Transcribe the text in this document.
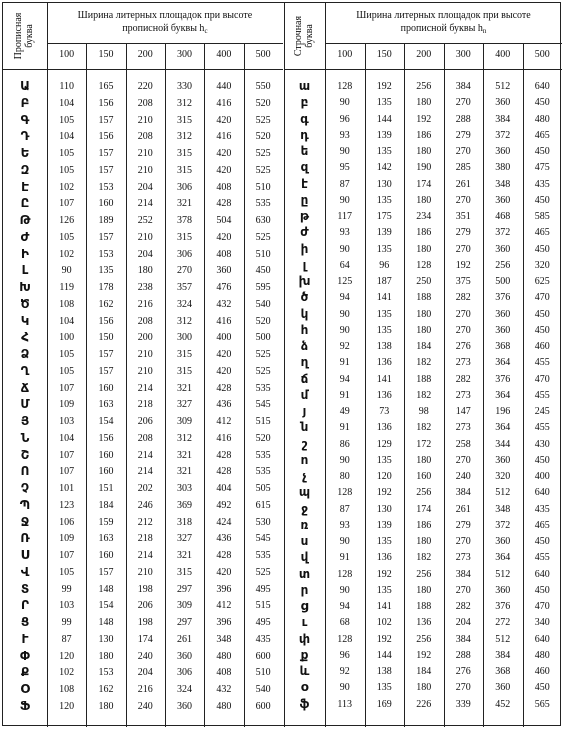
Прописная
буква
Ширина литерных площадок при высоте
прописной буквы $h_c$
100	150	200	300	400	500
Ա	110	165	220	330	440	550
Բ	104	156	208	312	416	520
Գ	105	157	210	315	420	525
Դ	104	156	208	312	416	520
Ե	105	157	210	315	420	525
Զ	105	157	210	315	420	525
Է	102	153	204	306	408	510
Ը	107	160	214	321	428	535
Թ	126	189	252	378	504	630
Ժ	105	157	210	315	420	525
Ի	102	153	204	306	408	510
Լ	90	135	180	270	360	450
Խ	119	178	238	357	476	595
Ծ	108	162	216	324	432	540
Կ	104	156	208	312	416	520
Հ	100	150	200	300	400	500
Ձ	105	157	210	315	420	525
Ղ	105	157	210	315	420	525
Ճ	107	160	214	321	428	535
Մ	109	163	218	327	436	545
Յ	103	154	206	309	412	515
Ն	104	156	208	312	416	520
Շ	107	160	214	321	428	535
Ո	107	160	214	321	428	535
Չ	101	151	202	303	404	505
Պ	123	184	246	369	492	615
Ջ	106	159	212	318	424	530
Ռ	109	163	218	327	436	545
Ս	107	160	214	321	428	535
Վ	105	157	210	315	420	525
Տ	99	148	198	297	396	495
Ր	103	154	206	309	412	515
Ց	99	148	198	297	396	495
Ւ	87	130	174	261	348	435
Փ	120	180	240	360	480	600
Ք	102	153	204	306	408	510
Օ	108	162	216	324	432	540
Ֆ	120	180	240	360	480	600
Строчная
буква
Ширина литерных площадок при высоте
прописной буквы $h_n$
100	150	200	300	400	500
ա	128	192	256	384	512	640
բ	90	135	180	270	360	450
գ	96	144	192	288	384	480
դ	93	139	186	279	372	465
ե	90	135	180	270	360	450
զ	95	142	190	285	380	475
է	87	130	174	261	348	435
ը	90	135	180	270	360	450
թ	117	175	234	351	468	585
ժ	93	139	186	279	372	465
ի	90	135	180	270	360	450
լ	64	96	128	192	256	320
խ	125	187	250	375	500	625
ծ	94	141	188	282	376	470
կ	90	135	180	270	360	450
հ	90	135	180	270	360	450
ձ	92	138	184	276	368	460
ղ	91	136	182	273	364	455
ճ	94	141	188	282	376	470
մ	91	136	182	273	364	455
յ	49	73	98	147	196	245
ն	91	136	182	273	364	455
շ	86	129	172	258	344	430
ո	90	135	180	270	360	450
չ	80	120	160	240	320	400
պ	128	192	256	384	512	640
ջ	87	130	174	261	348	435
ռ	93	139	186	279	372	465
ս	90	135	180	270	360	450
վ	91	136	182	273	364	455
տ	128	192	256	384	512	640
ր	90	135	180	270	360	450
ց	94	141	188	282	376	470
ւ	68	102	136	204	272	340
փ	128	192	256	384	512	640
ք	96	144	192	288	384	480
և	92	138	184	276	368	460
օ	90	135	180	270	360	450
ֆ	113	169	226	339	452	565
